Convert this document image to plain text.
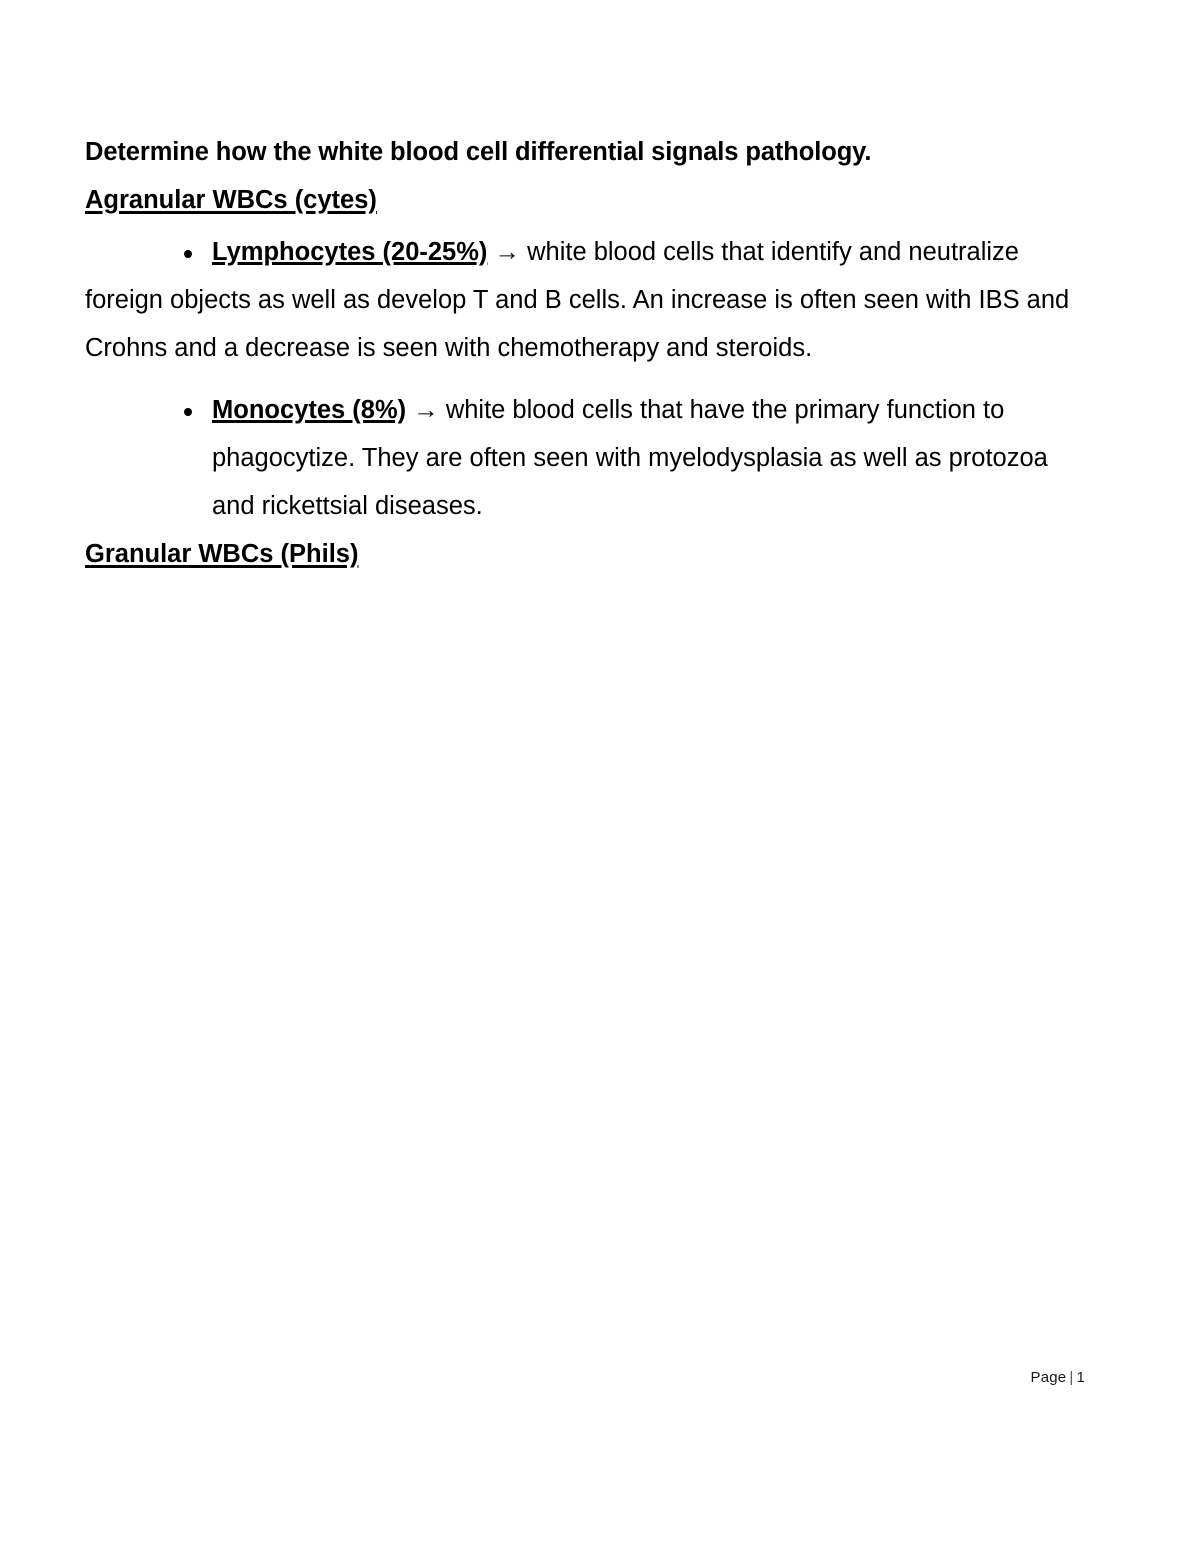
Determine how the white blood cell differential signals pathology.

Agranular WBCs (cytes)

Lymphocytes (20-25%) → white blood cells that identify and neutralize foreign objects as well as develop T and B cells. An increase is often seen with IBS and Crohns and a decrease is seen with chemotherapy and steroids.

Monocytes (8%) → white blood cells that have the primary function to phagocytize. They are often seen with myelodysplasia as well as protozoa and rickettsial diseases.

Granular WBCs (Phils)
Page | 1
